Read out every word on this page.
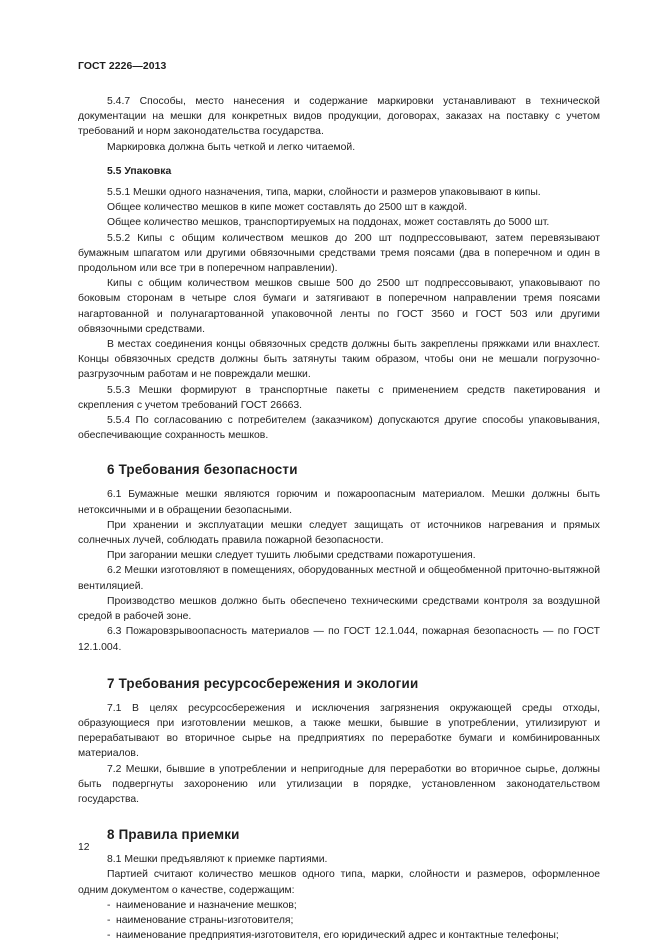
ГОСТ 2226—2013

5.4.7 Способы, место нанесения и содержание маркировки устанавливают в технической документации на мешки для конкретных видов продукции, договорах, заказах на поставку с учетом требований и норм законодательства государства.

Маркировка должна быть четкой и легко читаемой.

5.5 Упаковка

5.5.1 Мешки одного назначения, типа, марки, слойности и размеров упаковывают в кипы.

Общее количество мешков в кипе может составлять до 2500 шт в каждой.

Общее количество мешков, транспортируемых на поддонах, может составлять до 5000 шт.

5.5.2 Кипы с общим количеством мешков до 200 шт подпрессовывают, затем перевязывают бумажным шпагатом или другими обвязочными средствами тремя поясами (два в поперечном и один в продольном или все три в поперечном направлении).

Кипы с общим количеством мешков свыше 500 до 2500 шт подпрессовывают, упаковывают по боковым сторонам в четыре слоя бумаги и затягивают в поперечном направлении тремя поясами нагартованной и полунагартованной упаковочной ленты по ГОСТ 3560 и ГОСТ 503 или другими обвязочными средствами.

В местах соединения концы обвязочных средств должны быть закреплены пряжками или внахлест. Концы обвязочных средств должны быть затянуты таким образом, чтобы они не мешали погрузочно-разгрузочным работам и не повреждали мешки.

5.5.3 Мешки формируют в транспортные пакеты с применением средств пакетирования и скрепления с учетом требований ГОСТ 26663.

5.5.4 По согласованию с потребителем (заказчиком) допускаются другие способы упаковывания, обеспечивающие сохранность мешков.

6 Требования безопасности

6.1 Бумажные мешки являются горючим и пожароопасным материалом. Мешки должны быть нетоксичными и в обращении безопасными.

При хранении и эксплуатации мешки следует защищать от источников нагревания и прямых солнечных лучей, соблюдать правила пожарной безопасности.

При загорании мешки следует тушить любыми средствами пожаротушения.

6.2 Мешки изготовляют в помещениях, оборудованных местной и общеобменной приточно-вытяжной вентиляцией.

Производство мешков должно быть обеспечено техническими средствами контроля за воздушной средой в рабочей зоне.

6.3 Пожаровзрывоопасность материалов — по ГОСТ 12.1.044, пожарная безопасность — по ГОСТ 12.1.004.

7 Требования ресурсосбережения и экологии

7.1 В целях ресурсосбережения и исключения загрязнения окружающей среды отходы, образующиеся при изготовлении мешков, а также мешки, бывшие в употреблении, утилизируют и перерабатывают во вторичное сырье на предприятиях по переработке бумаги и комбинированных материалов.

7.2 Мешки, бывшие в употреблении и непригодные для переработки во вторичное сырье, должны быть подвергнуты захоронению или утилизации в порядке, установленном законодательством государства.

8 Правила приемки

8.1 Мешки предъявляют к приемке партиями.

Партией считают количество мешков одного типа, марки, слойности и размеров, оформленное одним документом о качестве, содержащим:

- наименование и назначение мешков;

- наименование страны-изготовителя;

- наименование предприятия-изготовителя, его юридический адрес и контактные телефоны;

12
